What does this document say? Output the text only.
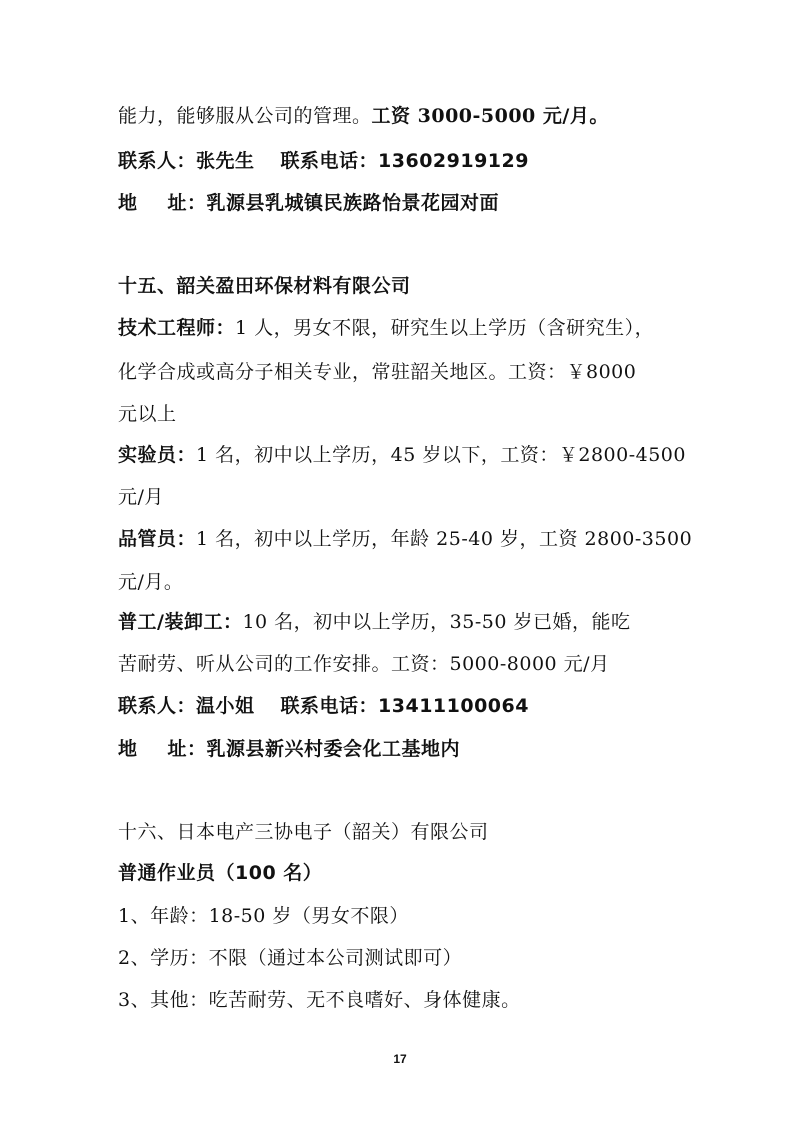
能力，能够服从公司的管理。工资 3000-5000 元/月。
联系人：张先生 联系电话：13602919129
地 址：乳源县乳城镇民族路怡景花园对面
十五、韶关盈田环保材料有限公司
技术工程师：1 人，男女不限，研究生以上学历（含研究生），
化学合成或高分子相关专业，常驻韶关地区。工资：￥8000
元以上
实验员：1 名，初中以上学历，45 岁以下，工资：￥2800-4500
元/月
品管员：1 名，初中以上学历，年龄 25-40 岁，工资 2800-3500
元/月。
普工/装卸工：10 名，初中以上学历，35-50 岁已婚，能吃
苦耐劳、听从公司的工作安排。工资：5000-8000 元/月
联系人：温小姐 联系电话：13411100064
地 址：乳源县新兴村委会化工基地内
十六、日本电产三协电子（韶关）有限公司
普通作业员（100 名）
1、年龄：18-50 岁（男女不限）
2、学历：不限（通过本公司测试即可）
3、其他：吃苦耐劳、无不良嗜好、身体健康。
17
